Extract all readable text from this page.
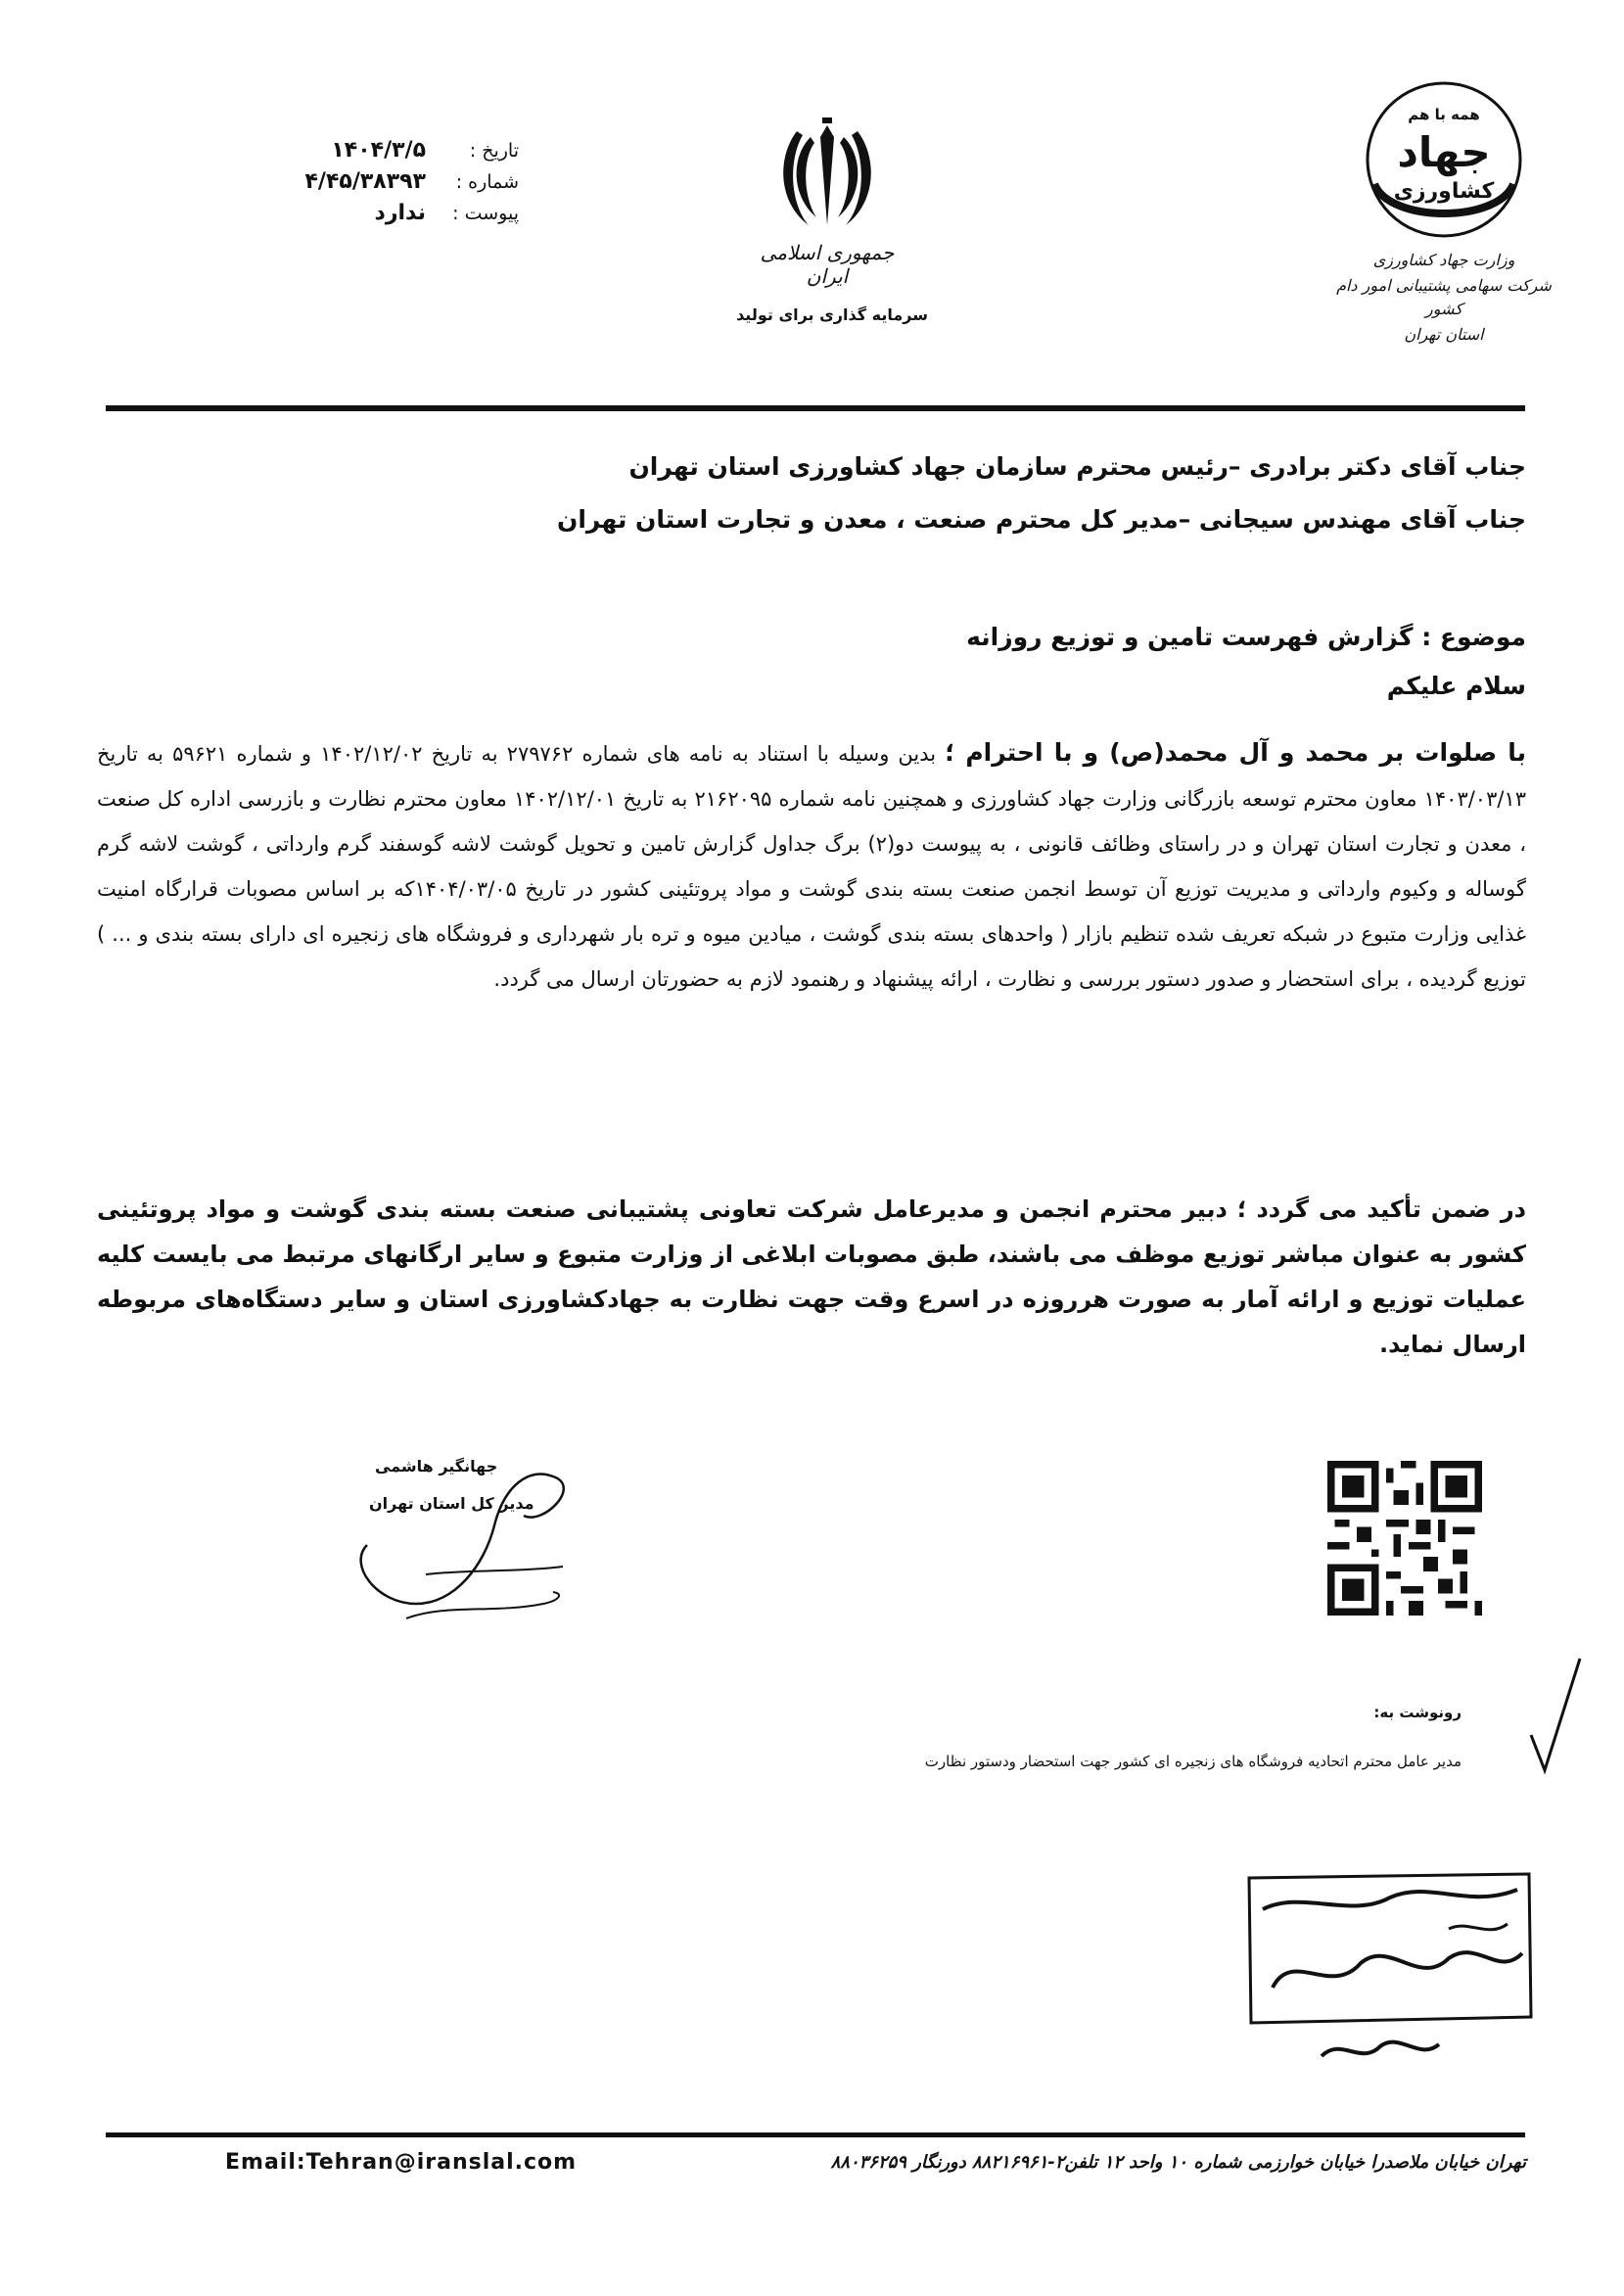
تاریخ :
۱۴۰۴/۳/۵
شماره :
۴/۴۵/۳۸۳۹۳
پیوست :
ندارد
جمهوری اسلامی ایران
سرمایه گذاری برای تولید
همه با هم
جهاد
کشاورزی
وزارت جهاد کشاورزی
شرکت سهامی پشتیبانی امور دام کشور
استان تهران
جناب آقای دکتر برادری –رئیس محترم سازمان جهاد کشاورزی استان تهران
جناب آقای مهندس سیجانی –مدیر کل محترم صنعت ، معدن و تجارت استان تهران
موضوع : گزارش فهرست تامین و توزیع روزانه
سلام علیکم
با صلوات بر محمد و آل محمد(ص) و با احترام ؛ بدین وسیله با استناد به نامه های شماره ۲۷۹۷۶۲ به تاریخ ۱۴۰۲/۱۲/۰۲ و شماره ۵۹۶۲۱ به تاریخ ۱۴۰۳/۰۳/۱۳ معاون محترم توسعه بازرگانی وزارت جهاد کشاورزی و همچنین نامه شماره ۲۱۶۲۰۹۵ به تاریخ ۱۴۰۲/۱۲/۰۱ معاون محترم نظارت و بازرسی اداره کل صنعت ، معدن و تجارت استان تهران و در راستای وظائف قانونی ، به پیوست دو(۲) برگ جداول گزارش تامین و تحویل گوشت لاشه گوسفند گرم وارداتی ، گوشت لاشه گرم گوساله و وکیوم وارداتی و مدیریت توزیع آن توسط انجمن صنعت بسته بندی گوشت و مواد پروتئینی کشور در تاریخ ۱۴۰۴/۰۳/۰۵که بر اساس مصوبات قرارگاه امنیت غذایی وزارت متبوع در شبکه تعریف شده تنظیم بازار ( واحدهای بسته بندی گوشت ، میادین میوه و تره بار شهرداری و فروشگاه های زنجیره ای دارای بسته بندی و ... ) توزیع گردیده ، برای استحضار و صدور دستور بررسی و نظارت ، ارائه پیشنهاد و رهنمود لازم به حضورتان ارسال می گردد.
در ضمن تأکید می گردد ؛ دبیر محترم انجمن و مدیرعامل شرکت تعاونی پشتیبانی صنعت بسته بندی گوشت و مواد پروتئینی کشور به عنوان مباشر توزیع موظف می باشند، طبق مصوبات ابلاغی از وزارت متبوع و سایر ارگانهای مرتبط می بایست کلیه عملیات توزیع و ارائه آمار به صورت هرروزه در اسرع وقت جهت نظارت به جهادکشاورزی استان و سایر دستگاه‌های مربوطه ارسال نماید.
جهانگیر هاشمی
مدیر کل استان تهران
رونوشت به:
مدیر عامل محترم اتحادیه فروشگاه های زنجیره ای کشور جهت استحضار ودستور نظارت
Email:Tehran@iranslal.com	تهران خیابان ملاصدرا خیابان خوارزمی شماره ۱۰ واحد ۱۲ تلفن۲-۸۸۲۱۶۹۶۱ دورنگار ۸۸۰۳۶۲۵۹
